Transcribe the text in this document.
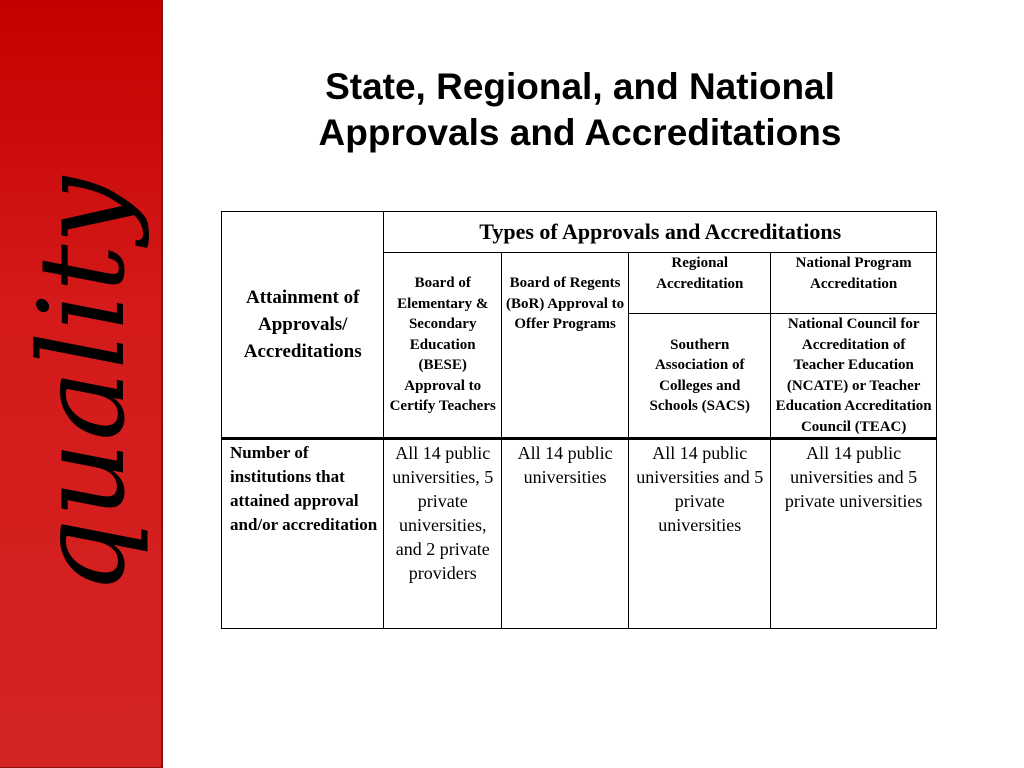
quality
State, Regional, and National
Approvals and Accreditations
Attainment of Approvals/ Accreditations	Types of Approvals and Accreditations			
	Board of Elementary & Secondary Education (BESE) Approval to Certify Teachers	Board of Regents (BoR) Approval to Offer Programs	Regional Accreditation	National Program Accreditation
			Southern Association of Colleges and Schools (SACS)	National Council for Accreditation of Teacher Education (NCATE) or Teacher Education Accreditation Council (TEAC)
Number of institutions that attained approval and/or accreditation	All 14 public universities, 5 private universities, and 2 private providers	All 14 public universities	All 14 public universities and 5 private universities	All 14 public universities and 5 private universities
